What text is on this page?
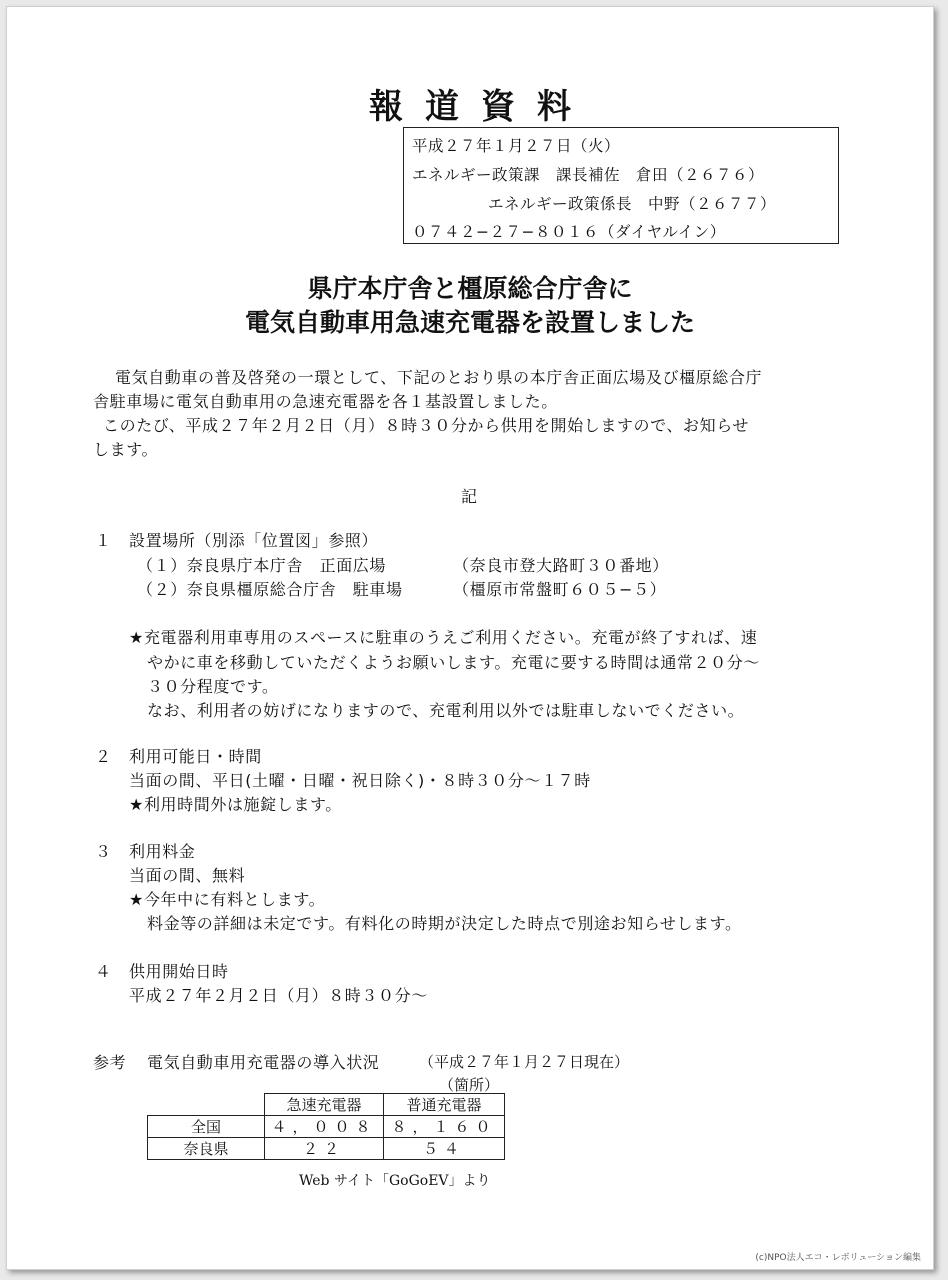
報道資料
平成２７年１月２７日（火）
エネルギー政策課　課長補佐　倉田（２６７６）
エネルギー政策係長　中野（２６７７）
０７４２−２７−８０１６（ダイヤルイン）
県庁本庁舎と橿原総合庁舎に
電気自動車用急速充電器を設置しました
電気自動車の普及啓発の一環として、下記のとおり県の本庁舎正面広場及び橿原総合庁
舎駐車場に電気自動車用の急速充電器を各１基設置しました。
このたび、平成２７年２月２日（月）８時３０分から供用を開始しますので、お知らせ
します。
記
１ 設置場所（別添「位置図」参照）
（１）奈良県庁本庁舎　正面広場	（奈良市登大路町３０番地）
（２）奈良県橿原総合庁舎　駐車場	（橿原市常盤町６０５−５）
★充電器利用車専用のスペースに駐車のうえご利用ください。充電が終了すれば、速
やかに車を移動していただくようお願いします。充電に要する時間は通常２０分〜
３０分程度です。
なお、利用者の妨げになりますので、充電利用以外では駐車しないでください。
２ 利用可能日・時間
当面の間、平日(土曜・日曜・祝日除く)・８時３０分〜１７時
★利用時間外は施錠します。
３ 利用料金
当面の間、無料
★今年中に有料とします。
料金等の詳細は未定です。有料化の時期が決定した時点で別途お知らせします。
４ 供用開始日時
平成２７年２月２日（月）８時３０分〜
参考 電気自動車用充電器の導入状況	（平成２７年１月２７日現在）
（箇所）
	急速充電器	普通充電器
全国	４，００８	８，１６０
奈良県	２２	５４
Web サイト「GoGoEV」より
(c)NPO法人エコ・レボリューション編集
